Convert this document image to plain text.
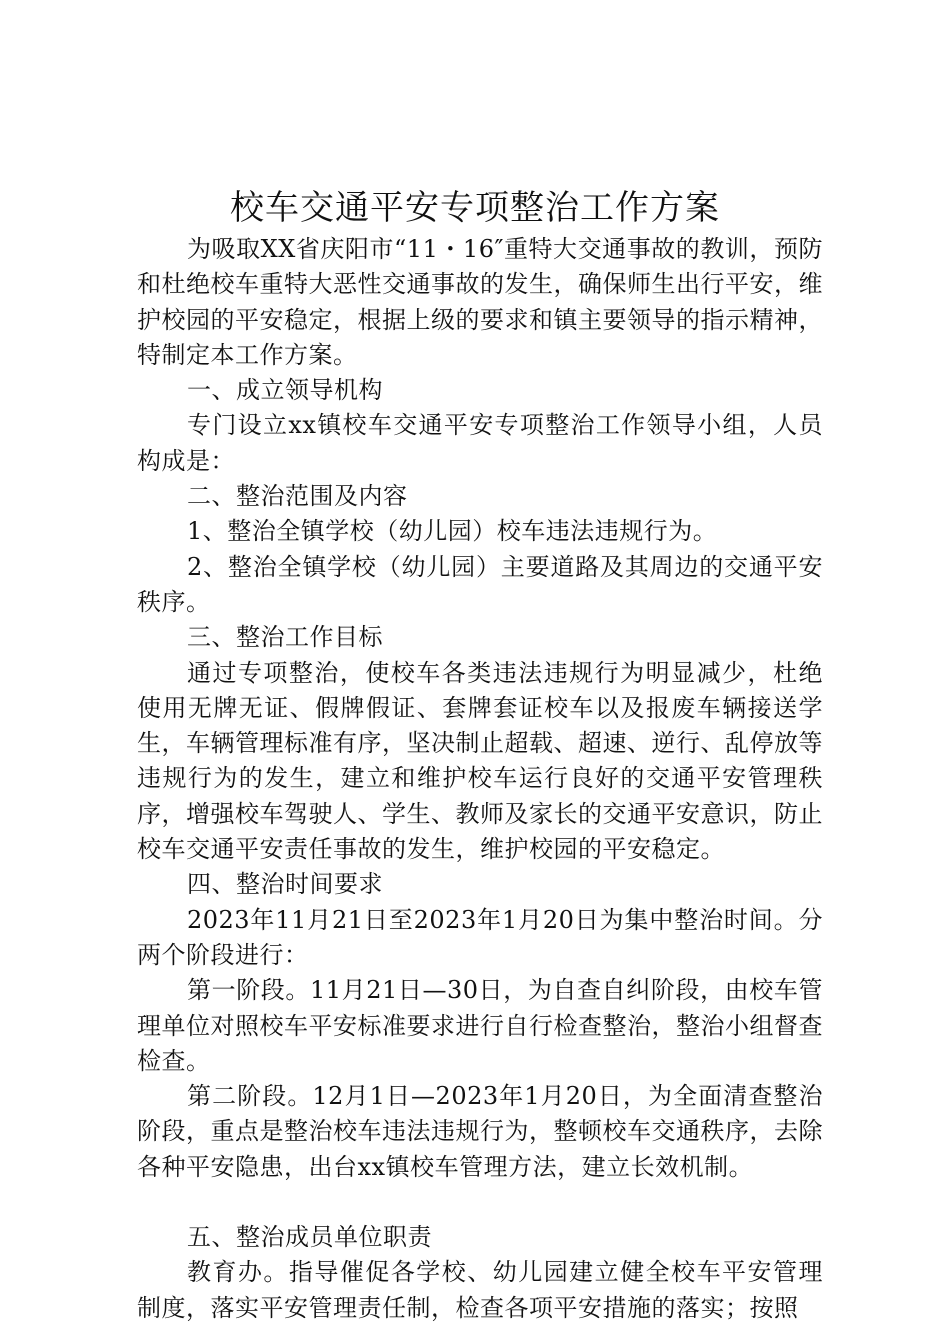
校车交通平安专项整治工作方案

为吸取XX省庆阳市“11・16″重特大交通事故的教训，预防和杜绝校车重特大恶性交通事故的发生，确保师生出行平安，维护校园的平安稳定，根据上级的要求和镇主要领导的指示精神，特制定本工作方案。

一、成立领导机构

专门设立xx镇校车交通平安专项整治工作领导小组，人员构成是：

二、整治范围及内容

1、整治全镇学校（幼儿园）校车违法违规行为。

2、整治全镇学校（幼儿园）主要道路及其周边的交通平安秩序。

三、整治工作目标

通过专项整治，使校车各类违法违规行为明显减少，杜绝使用无牌无证、假牌假证、套牌套证校车以及报废车辆接送学生，车辆管理标准有序，坚决制止超载、超速、逆行、乱停放等违规行为的发生，建立和维护校车运行良好的交通平安管理秩序，增强校车驾驶人、学生、教师及家长的交通平安意识，防止校车交通平安责任事故的发生，维护校园的平安稳定。

四、整治时间要求

2023年11月21日至2023年1月20日为集中整治时间。分两个阶段进行：

第一阶段。11月21日—30日，为自查自纠阶段，由校车管理单位对照校车平安标准要求进行自行检查整治，整治小组督查检查。

第二阶段。12月1日—2023年1月20日，为全面清查整治阶段，重点是整治校车违法违规行为，整顿校车交通秩序，去除各种平安隐患，出台xx镇校车管理方法，建立长效机制。

五、整治成员单位职责

教育办。指导催促各学校、幼儿园建立健全校车平安管理制度，落实平安管理责任制，检查各项平安措施的落实；按照
